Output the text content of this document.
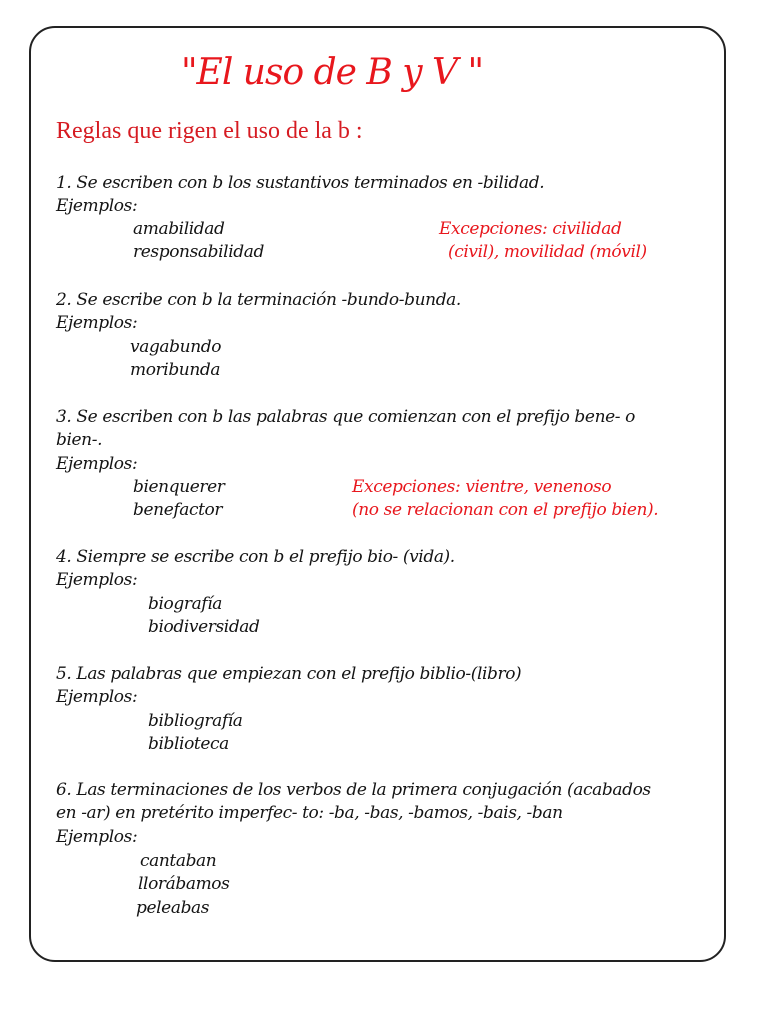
"El uso de B y V "
Reglas que rigen el uso de la b :
1. Se escriben con b los sustantivos terminados en -bilidad.
Ejemplos:
amabilidad
responsabilidad
Excepciones: civilidad
(civil), movilidad (móvil)
2. Se escribe con b la terminación -bundo-bunda.
Ejemplos:
vagabundo
moribunda
3. Se escriben con b las palabras que comienzan con el prefijo bene- o
bien-.
Ejemplos:
bienquerer
benefactor
Excepciones: vientre, venenoso
(no se relacionan con el prefijo bien).
4. Siempre se escribe con b el prefijo bio- (vida).
Ejemplos:
biografía
biodiversidad
5. Las palabras que empiezan con el prefijo biblio-(libro)
Ejemplos:
bibliografía
biblioteca
6. Las terminaciones de los verbos de la primera conjugación (acabados
en -ar) en pretérito imperfec- to: -ba, -bas, -bamos, -bais, -ban
Ejemplos:
cantaban
llorábamos
peleabas
